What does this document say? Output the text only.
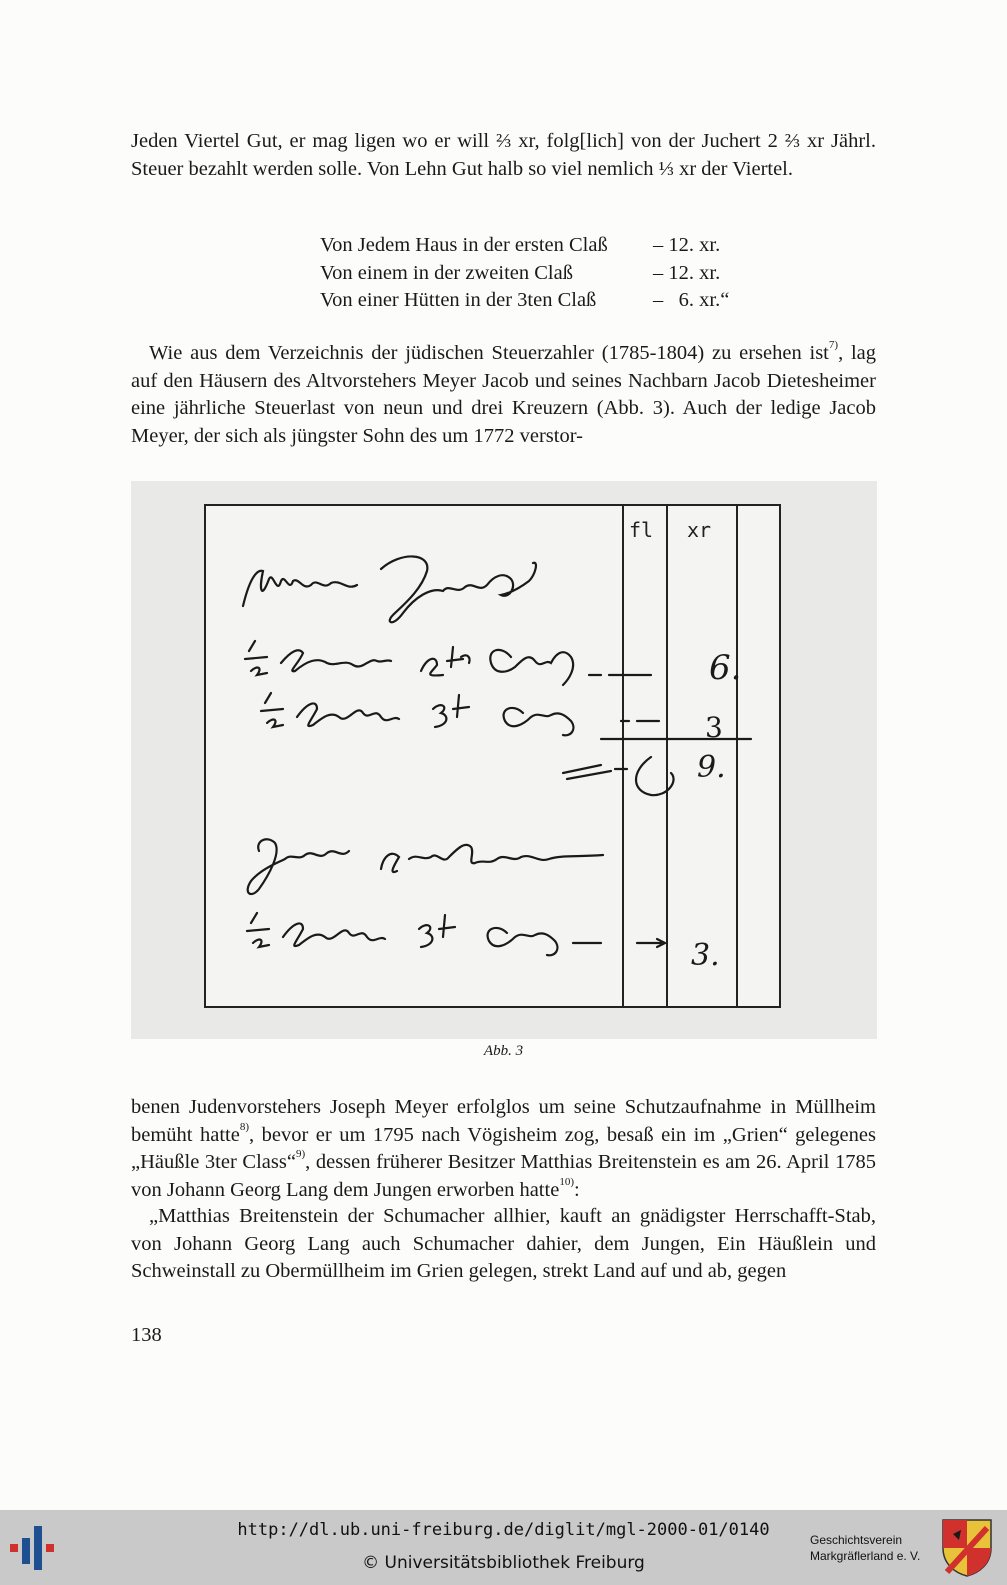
Jeden Viertel Gut, er mag ligen wo er will ⅔ xr, folg[lich] von der Juchert 2 ⅔ xr Jährl. Steuer bezahlt werden solle. Von Lehn Gut halb so viel nemlich ⅓ xr der Viertel.

Von Jedem Haus in der ersten Claß	– 12. xr.
Von einem in der zweiten Claß	– 12. xr.
Von einer Hütten in der 3ten Claß	–   6. xr.“

Wie aus dem Verzeichnis der jüdischen Steuerzahler (1785-1804) zu ersehen ist$^{7)}$, lag auf den Häusern des Altvorstehers Meyer Jacob und seines Nachbarn Jacob Dietesheimer eine jährliche Steuerlast von neun und drei Kreuzern (Abb. 3). Auch der ledige Jacob Meyer, der sich als jüngster Sohn des um 1772 verstor-

fl xr
6.
3
9.
3.
Abb. 3

benen Judenvorstehers Joseph Meyer erfolglos um seine Schutzaufnahme in Müllheim bemüht hatte$^{8)}$, bevor er um 1795 nach Vögisheim zog, besaß ein im „Grien“ gelegenes „Häußle 3ter Class“$^{9)}$, dessen früherer Besitzer Matthias Breitenstein es am 26. April 1785 von Johann Georg Lang dem Jungen erworben hatte$^{10)}$:

„Matthias Breitenstein der Schumacher allhier, kauft an gnädigster Herrschafft-Stab, von Johann Georg Lang auch Schumacher dahier, dem Jungen, Ein Häußlein und Schweinstall zu Obermüllheim im Grien gelegen, strekt Land auf und ab, gegen

138
http://dl.ub.uni-freiburg.de/diglit/mgl-2000-01/0140
© Universitätsbibliothek Freiburg
Geschichtsverein
Markgräflerland e. V.
